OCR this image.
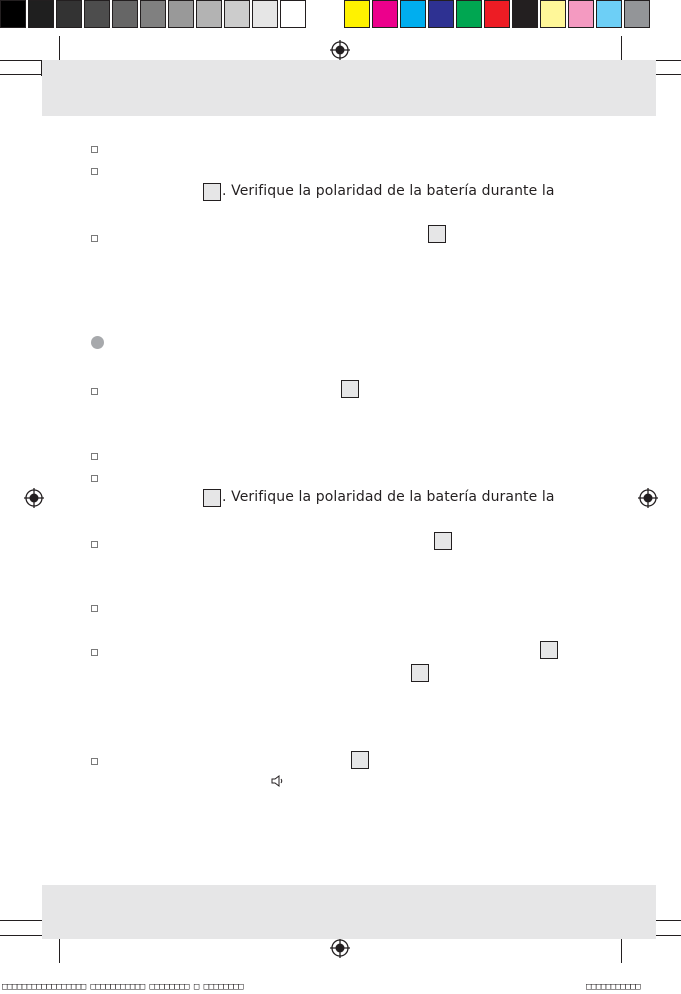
. Verifique la polaridad de la batería durante la
. Verifique la polaridad de la batería durante la
□□□□□□□□□□□□□□□□□ □□□□□□□□□□□ □□□□□□□□ □ □□□□□□□□	□□□□□□□□□□□
